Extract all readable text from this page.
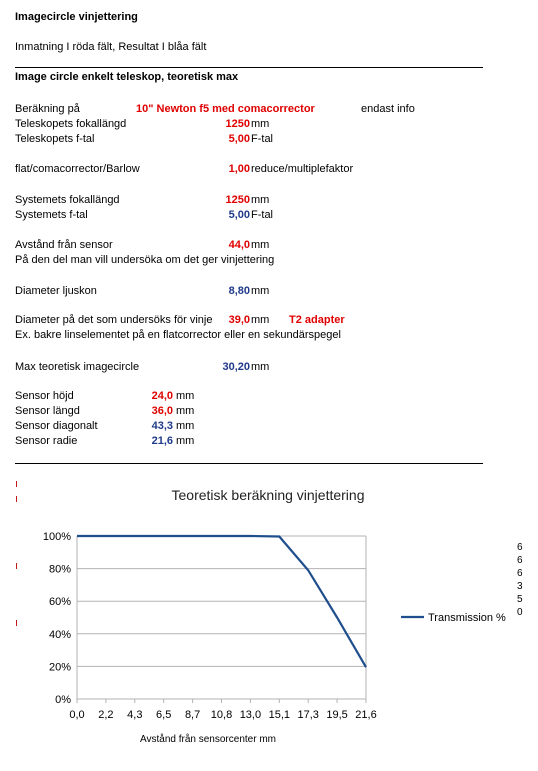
Imagecircle vinjettering
Inmatning I röda fält, Resultat I blåa fält
Image circle enkelt teleskop, teoretisk max
Beräkning på	10" Newton f5 med comacorrector	endast info
Teleskopets fokallängd	1250 mm
Teleskopets f-tal	5,00 F-tal
flat/comacorrector/Barlow	1,00 reduce/multiplefaktor
Systemets fokallängd	1250 mm
Systemets f-tal	5,00 F-tal
Avstånd från sensor	44,0 mm
På den del man vill undersöka om det ger vinjettering
Diameter ljuskon	8,80 mm
Diameter på det som undersöks för vinje	39,0 mm T2 adapter
Ex. bakre linselementet på en flatcorrector eller en sekundärspegel
Max teoretisk imagecircle	30,20 mm
Sensor höjd	24,0 mm
Sensor längd	36,0 mm
Sensor diagonalt	43,3 mm
Sensor radie	21,6 mm
ı
ı
ı
ı
6
6
6
3
5
0
Teoretisk beräkning vinjettering
0%
20%
40%
60%
80%
100%
0,0 2,2 4,3 6,5 8,7 10,8 13,0 15,1 17,3 19,5 21,6
Avstånd från sensorcenter mm
Transmission %
